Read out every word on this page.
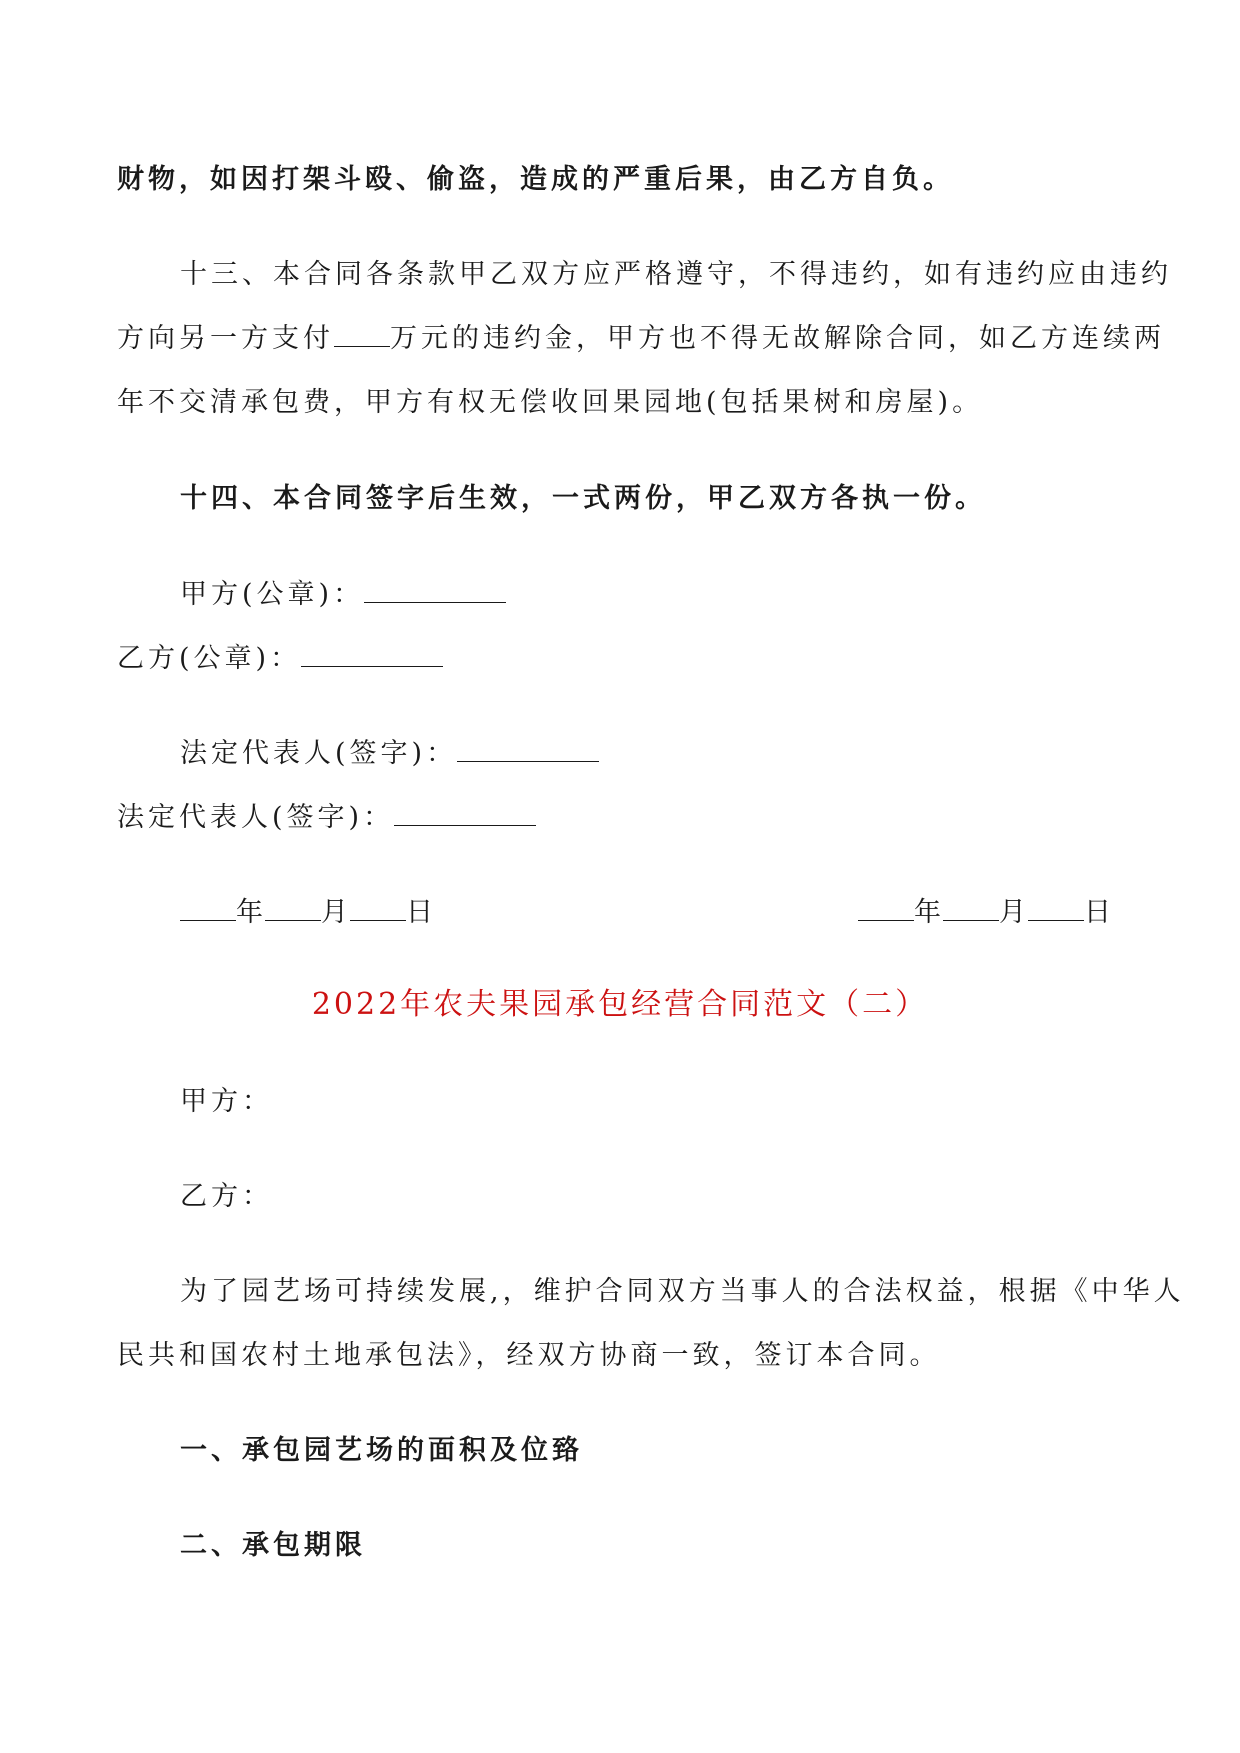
财物，如因打架斗殴、偷盗，造成的严重后果，由乙方自负。
十三、本合同各条款甲乙双方应严格遵守，不得违约，如有违约应由违约
方向另一方支付 万元的违约金，甲方也不得无故解除合同，如乙方连续两
年不交清承包费，甲方有权无偿收回果园地(包括果树和房屋)。
十四、本合同签字后生效，一式两份，甲乙双方各执一份。
甲方(公章)：
乙方(公章)：
法定代表人(签字)：
法定代表人(签字)：
年 月 日	年 月 日
2022年农夫果园承包经营合同范文（二）
甲方：
乙方：
为了园艺场可持续发展,，维护合同双方当事人的合法权益，根据《中华人
民共和国农村土地承包法》，经双方协商一致，签订本合同。
一、承包园艺场的面积及位臵
二、承包期限
